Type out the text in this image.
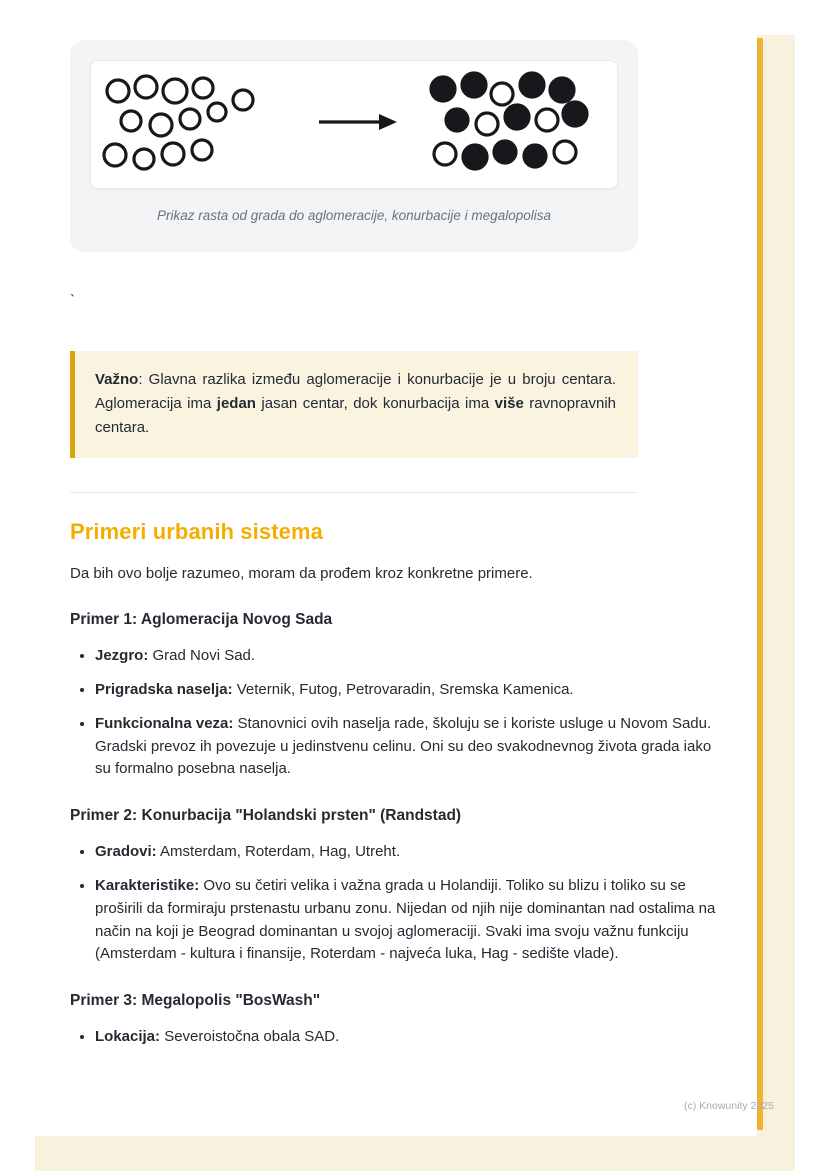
Prikaz rasta od grada do aglomeracije, konurbacije i megalopolisa

`

Važno: Glavna razlika između aglomeracije i konurbacije je u broju centara. Aglomeracija ima jedan jasan centar, dok konurbacija ima više ravnopravnih centara.

Primeri urbanih sistema

Da bih ovo bolje razumeo, moram da prođem kroz konkretne primere.

Primer 1: Aglomeracija Novog Sada
• Jezgro: Grad Novi Sad.
• Prigradska naselja: Veternik, Futog, Petrovaradin, Sremska Kamenica.
• Funkcionalna veza: Stanovnici ovih naselja rade, školuju se i koriste usluge u Novom Sadu. Gradski prevoz ih povezuje u jedinstvenu celinu. Oni su deo svakodnevnog života grada iako su formalno posebna naselja.
Primer 2: Konurbacija "Holandski prsten" (Randstad)
• Gradovi: Amsterdam, Roterdam, Hag, Utreht.
• Karakteristike: Ovo su četiri velika i važna grada u Holandiji. Toliko su blizu i toliko su se proširili da formiraju prstenastu urbanu zonu. Nijedan od njih nije dominantan nad ostalima na način na koji je Beograd dominantan u svojoj aglomeraciji. Svaki ima svoju važnu funkciju (Amsterdam - kultura i finansije, Roterdam - najveća luka, Hag - sedište vlade).
Primer 3: Megalopolis "BosWash"
• Lokacija: Severoistočna obala SAD.
(c) Knowunity 2025
